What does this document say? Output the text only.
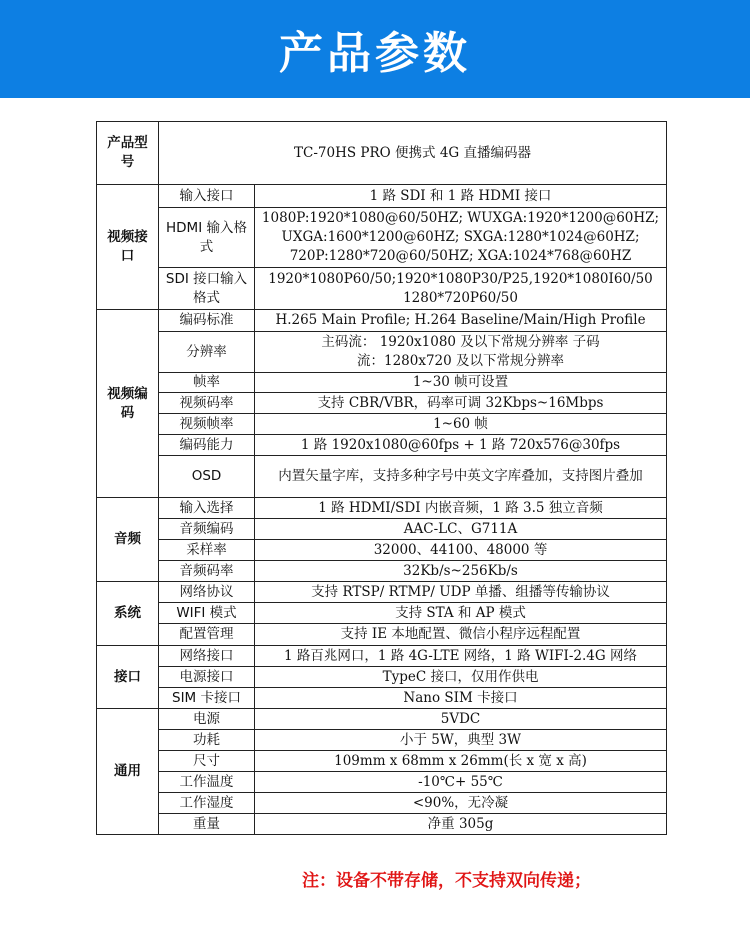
产品参数
产品型号	TC-70HS PRO 便携式 4G 直播编码器	
视频接口	输入接口	1 路 SDI 和 1 路 HDMI 接口
	HDMI 输入格式	1080P:1920*1080@60/50HZ; WUXGA:1920*1200@60HZ; UXGA:1600*1200@60HZ; SXGA:1280*1024@60HZ; 720P:1280*720@60/50HZ; XGA:1024*768@60HZ
	SDI 接口输入格式	1920*1080P60/50;1920*1080P30/P25,1920*1080I60/50 1280*720P60/50
视频编码	编码标准	H.265 Main Profile; H.264 Baseline/Main/High Profile
	分辨率	主码流： 1920x1080 及以下常规分辨率 子码流：1280x720 及以下常规分辨率
	帧率	1~30 帧可设置
	视频码率	支持 CBR/VBR，码率可调 32Kbps~16Mbps
	视频帧率	1~60 帧
	编码能力	1 路 1920x1080@60fps + 1 路 720x576@30fps
	OSD	内置矢量字库，支持多种字号中英文字库叠加，支持图片叠加
音频	输入选择	1 路 HDMI/SDI 内嵌音频，1 路 3.5 独立音频
	音频编码	AAC-LC、G711A
	采样率	32000、44100、48000 等
	音频码率	32Kb/s~256Kb/s
系统	网络协议	支持 RTSP/ RTMP/ UDP 单播、组播等传输协议
	WIFI 模式	支持 STA 和 AP 模式
	配置管理	支持 IE 本地配置、微信小程序远程配置
接口	网络接口	1 路百兆网口，1 路 4G-LTE 网络，1 路 WIFI-2.4G 网络
	电源接口	TypeC 接口，仅用作供电
	SIM 卡接口	Nano SIM 卡接口
通用	电源	5VDC
	功耗	小于 5W，典型 3W
	尺寸	109mm x 68mm x 26mm(长 x 宽 x 高)
	工作温度	-10℃+ 55℃
	工作湿度	<90%，无冷凝
	重量	净重 305g
注：设备不带存储，不支持双向传递；
